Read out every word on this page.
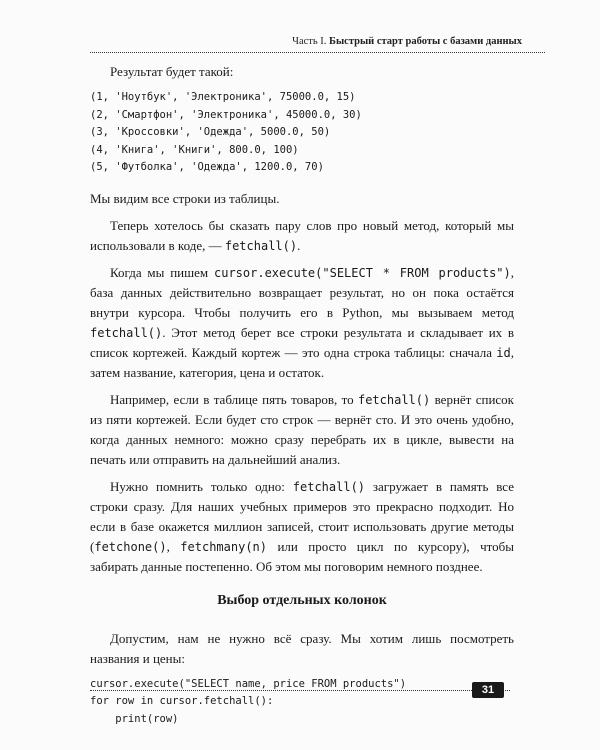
Часть I. Быстрый старт работы с базами данных

Результат будет такой:

(1, 'Ноутбук', 'Электроника', 75000.0, 15)
(2, 'Смартфон', 'Электроника', 45000.0, 30)
(3, 'Кроссовки', 'Одежда', 5000.0, 50)
(4, 'Книга', 'Книги', 800.0, 100)
(5, 'Футболка', 'Одежда', 1200.0, 70)

Мы видим все строки из таблицы.

Теперь хотелось бы сказать пару слов про новый метод, который мы использовали в коде, — fetchall().

Когда мы пишем cursor.execute("SELECT * FROM products"), база данных действительно возвращает результат, но он пока остаётся внутри курсора. Чтобы получить его в Python, мы вызываем метод fetchall(). Этот метод берет все строки результата и складывает их в список кортежей. Каждый кортеж — это одна строка таблицы: сначала id, затем название, категория, цена и остаток.

Например, если в таблице пять товаров, то fetchall() вернёт список из пяти кортежей. Если будет сто строк — вернёт сто. И это очень удобно, когда данных немного: можно сразу перебрать их в цикле, вывести на печать или отправить на дальнейший анализ.

Нужно помнить только одно: fetchall() загружает в память все строки сразу. Для наших учебных примеров это прекрасно подходит. Но если в базе окажется миллион записей, стоит использовать другие методы (fetchone(), fetchmany(n) или просто цикл по курсору), чтобы забирать данные постепенно. Об этом мы поговорим немного позднее.

Выбор отдельных колонок

Допустим, нам не нужно всё сразу. Мы хотим лишь посмотреть названия и цены:

cursor.execute("SELECT name, price FROM products")
for row in cursor.fetchall():
print(row)
31
